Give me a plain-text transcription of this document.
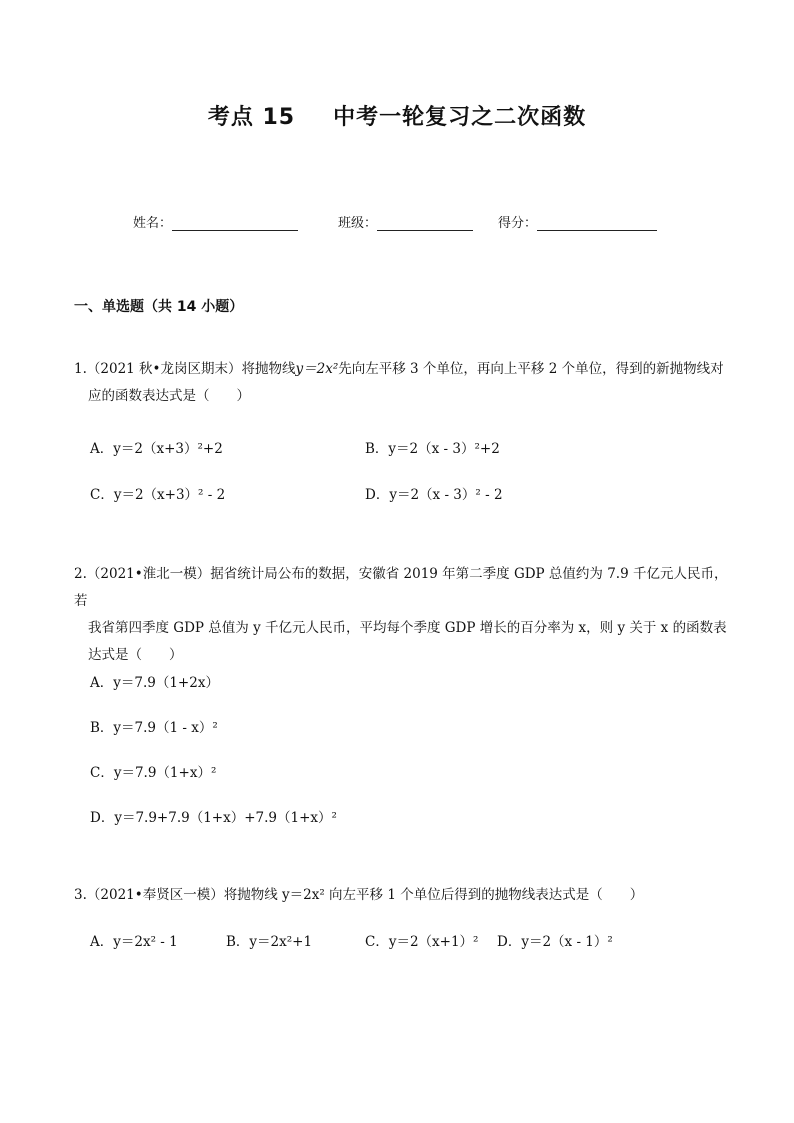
考点 15 中考一轮复习之二次函数
姓名：	班级：	得分：
一、单选题（共 14 小题）
1.（2021 秋•龙岗区期末）将抛物线y＝2x²先向左平移 3 个单位，再向上平移 2 个单位，得到的新抛物线对
应的函数表达式是（　　）
A．y＝2（x+3）²+2	B．y＝2（x - 3）²+2
C．y＝2（x+3）² - 2	D．y＝2（x - 3）² - 2
2.（2021•淮北一模）据省统计局公布的数据，安徽省 2019 年第二季度 GDP 总值约为 7.9 千亿元人民币，若
我省第四季度 GDP 总值为 y 千亿元人民币，平均每个季度 GDP 增长的百分率为 x，则 y 关于 x 的函数表
达式是（　　）
A．y＝7.9（1+2x）
B．y＝7.9（1 - x）²
C．y＝7.9（1+x）²
D．y＝7.9+7.9（1+x）+7.9（1+x）²
3.（2021•奉贤区一模）将抛物线 y＝2x² 向左平移 1 个单位后得到的抛物线表达式是（　　）
A．y＝2x² - 1	B．y＝2x²+1	C．y＝2（x+1）² D．y＝2（x - 1）²
